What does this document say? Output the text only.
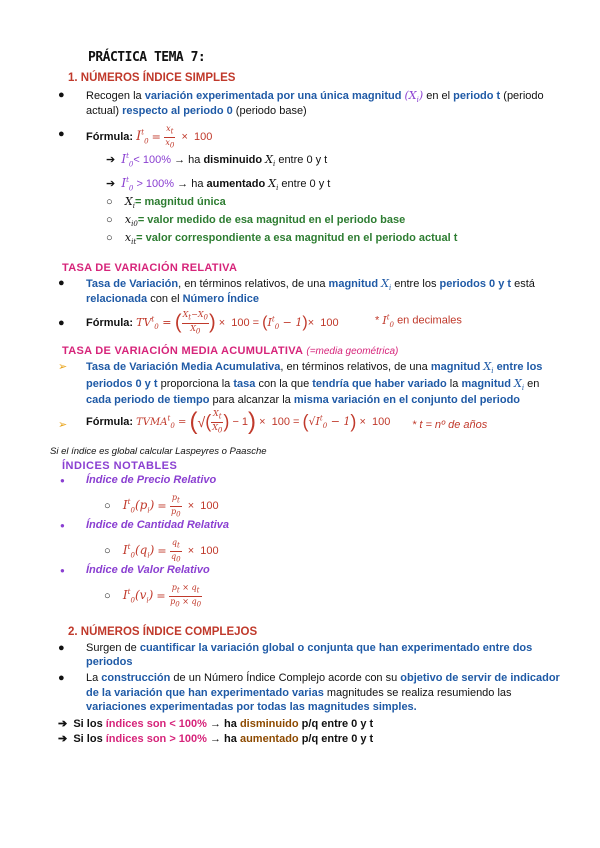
PRÁCTICA TEMA 7:
1. NÚMEROS ÍNDICE SIMPLES
● Recogen la variación experimentada por una única magnitud $(X_i)$ en el periodo t (periodo
actual) respecto al periodo 0 (periodo base)
● Fórmula: $I^t_0 = \frac{x_t}{x_0} \times 100$
➔ $I^t_0< 100\%$ → ha disminuido $X_i$ entre 0 y t
➔ $I^t_0 > 100\%$ → ha aumentado $X_i$ entre 0 y t
○ $X_i=$ magnitud única
○ $x_{i0}=$ valor medido de esa magnitud en el periodo base
○ $x_{it}=$ valor correspondiente a esa magnitud en el periodo actual t
TASA DE VARIACIÓN RELATIVA
● Tasa de Variación, en términos relativos, de una magnitud $X_i$ entre los periodos 0 y t está
relacionada con el Número Índice
● Fórmula: $TV^t_0$ = ( $\frac{X_t-X_0}{X_0}$ ) ×  $100 = (I^t_0 - 1)\times 100$	* $I^t_0$ en decimales
TASA DE VARIACIÓN MEDIA ACUMULATIVA (=media geométrica)
➢ Tasa de Variación Media Acumulativa, en términos relativos, de una magnitud $X_i$ entre los
periodos 0 y t proporciona la tasa con la que tendría que haber variado la magnitud $X_i$ en
cada periodo de tiempo para alcanzar la misma variación en el conjunto del periodo
➢ Fórmula: $TVMA^t_0$ = (√( $\frac{X_t}{X_0}$ ) − $1) \times 100 = (√I^t_0 - 1) \times 100 * t$ = nº de años
Si el índice es global calcular Laspeyres o Paasche
ÍNDICES NOTABLES
● Índice de Precio Relativo
○ $I^t_0(p_i) = \frac{p_t}{p_0} \times 100$
● Índice de Cantidad Relativa
○ $I^t_0(q_i) = \frac{q_t}{q_0} \times 100$
● Índice de Valor Relativo
○ $I^t_0(v_i) = \frac{p_t \times q_t}{p_0 \times q_0}$
2. NÚMEROS ÍNDICE COMPLEJOS
● Surgen de cuantificar la variación global o conjunta que han experimentado entre dos
periodos
● La construcción de un Número Índice Complejo acorde con su objetivo de servir de indicador
de la variación que han experimentado varias magnitudes se realiza resumiendo las
variaciones experimentadas por todas las magnitudes simples.
➔  Si los índices son < 100% → ha disminuido p/q entre 0 y t
➔  Si los índices son > 100% → ha aumentado p/q entre 0 y t
